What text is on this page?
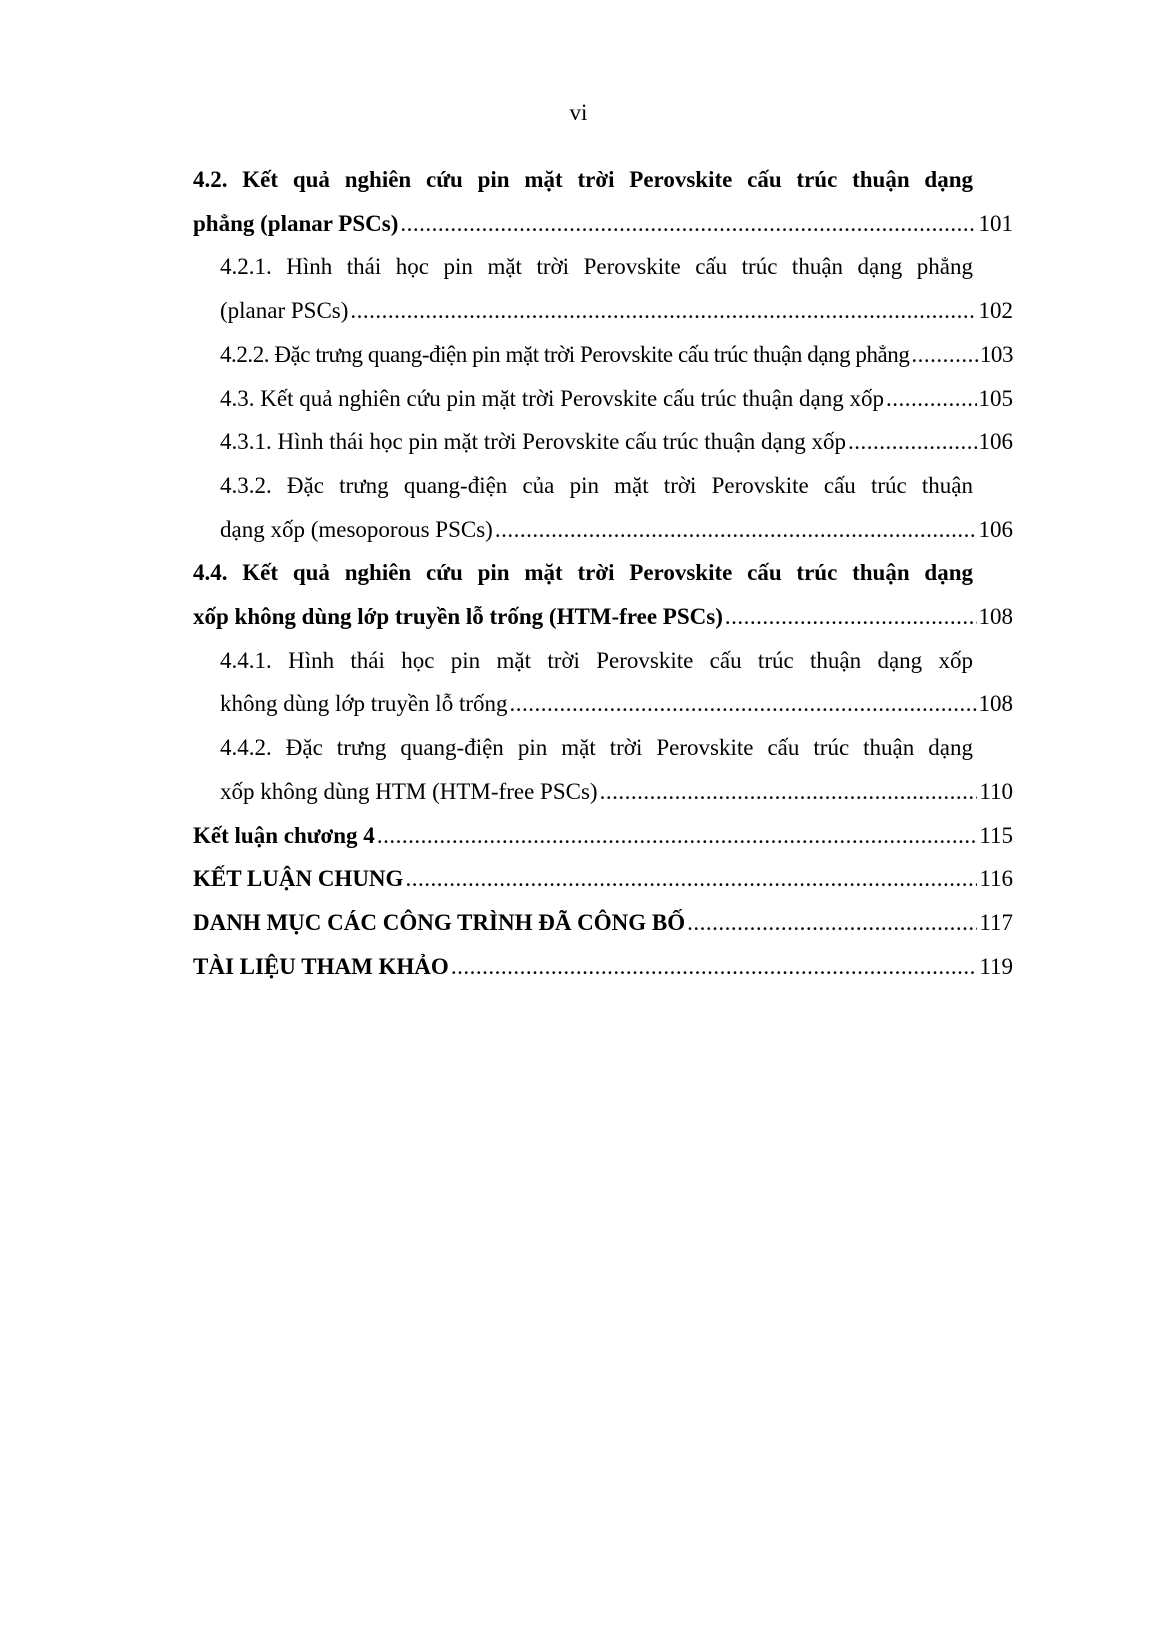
vi
4.2. Kết quả nghiên cứu pin mặt trời Perovskite cấu trúc thuận dạng
phẳng (planar PSCs) .....	101
4.2.1. Hình thái học pin mặt trời Perovskite cấu trúc thuận dạng phẳng
(planar PSCs) .....	102
4.2.2. Đặc trưng quang-điện pin mặt trời Perovskite cấu trúc thuận dạng phẳng .....	103
4.3. Kết quả nghiên cứu pin mặt trời Perovskite cấu trúc thuận dạng xốp .....	105
4.3.1. Hình thái học pin mặt trời Perovskite cấu trúc thuận dạng xốp .....	106
4.3.2. Đặc trưng quang-điện của pin mặt trời Perovskite cấu trúc thuận
dạng xốp (mesoporous PSCs) .....	106
4.4. Kết quả nghiên cứu pin mặt trời Perovskite cấu trúc thuận dạng
xốp không dùng lớp truyền lỗ trống (HTM-free PSCs) .....	108
4.4.1. Hình thái học pin mặt trời Perovskite cấu trúc thuận dạng xốp
không dùng lớp truyền lỗ trống .....	108
4.4.2. Đặc trưng quang-điện pin mặt trời Perovskite cấu trúc thuận dạng
xốp không dùng HTM (HTM-free PSCs) .....	110
Kết luận chương 4 .....	115
KẾT LUẬN CHUNG .....	116
DANH MỤC CÁC CÔNG TRÌNH ĐÃ CÔNG BỐ .....	117
TÀI LIỆU THAM KHẢO .....	119
